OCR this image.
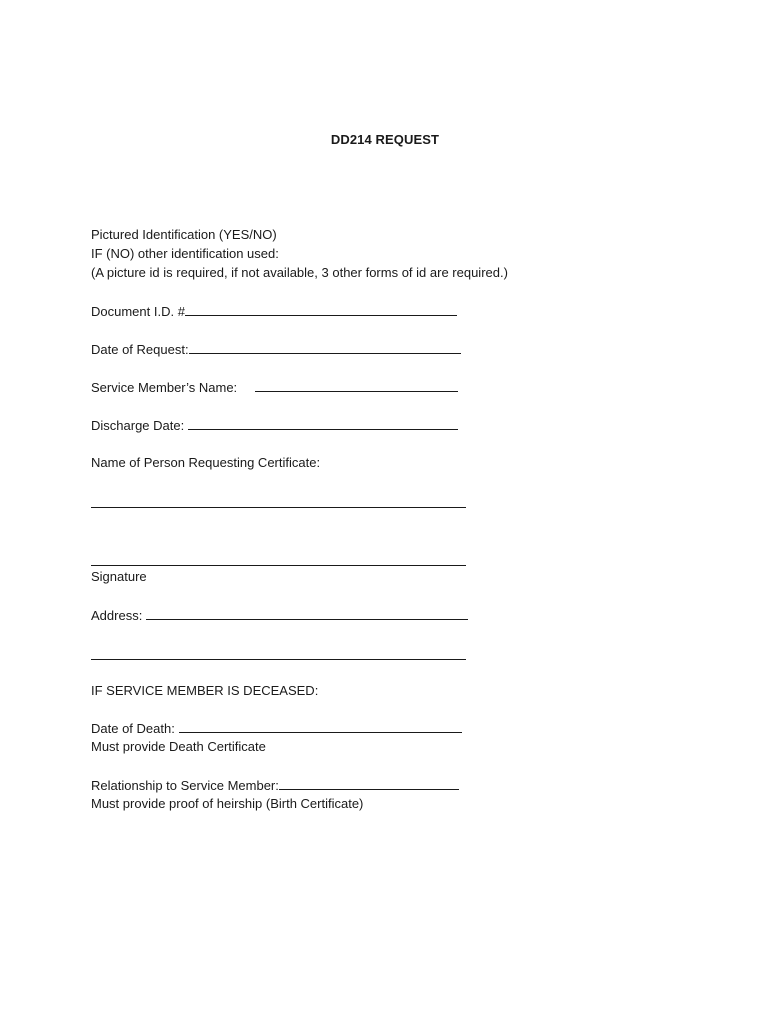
DD214 REQUEST
Pictured Identification (YES/NO)
IF (NO) other identification used:
(A picture id is required, if not available, 3 other forms of id are required.)
Document I.D. #
Date of Request:
Service Member’s Name:
Discharge Date:
Name of Person Requesting Certificate:
Signature
Address:
IF SERVICE MEMBER IS DECEASED:
Date of Death:
Must provide Death Certificate
Relationship to Service Member:
Must provide proof of heirship (Birth Certificate)
